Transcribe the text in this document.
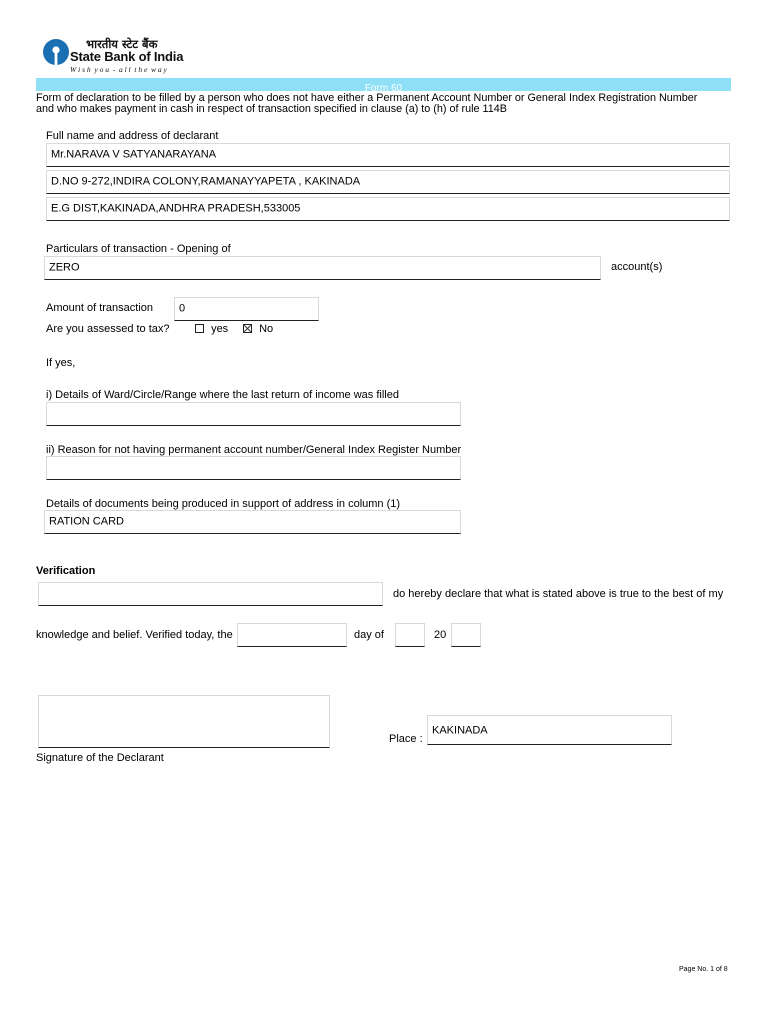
भारतीय स्टेट बैंक
State Bank of India
W i s h  y o u  -  a l l  t h e  w a y
Form 60
Form of declaration to be filled by a person who does not have either a Permanent Account Number or General Index Registration Number
and who makes payment in cash in respect of transaction specified in clause (a) to (h) of rule 114B
Full name and address of declarant
Mr.NARAVA V SATYANARAYANA
D.NO 9-272,INDIRA COLONY,RAMANAYYAPETA , KAKINADA
E.G DIST,KAKINADA,ANDHRA PRADESH,533005
Particulars of transaction - Opening of
ZERO	account(s)
Amount of transaction 0
Are you assessed to tax?	yes	No
If yes,
i) Details of Ward/Circle/Range where the last return of income was filled
ii) Reason for not having permanent account number/General Index Register Number
Details of documents being produced in support of address in column (1)
RATION CARD
Verification
do hereby declare that what is stated above is true to the best of my
knowledge and belief. Verified today, the	day of	20
Signature of the Declarant
Place :
KAKINADA
Page No. 1 of 8
